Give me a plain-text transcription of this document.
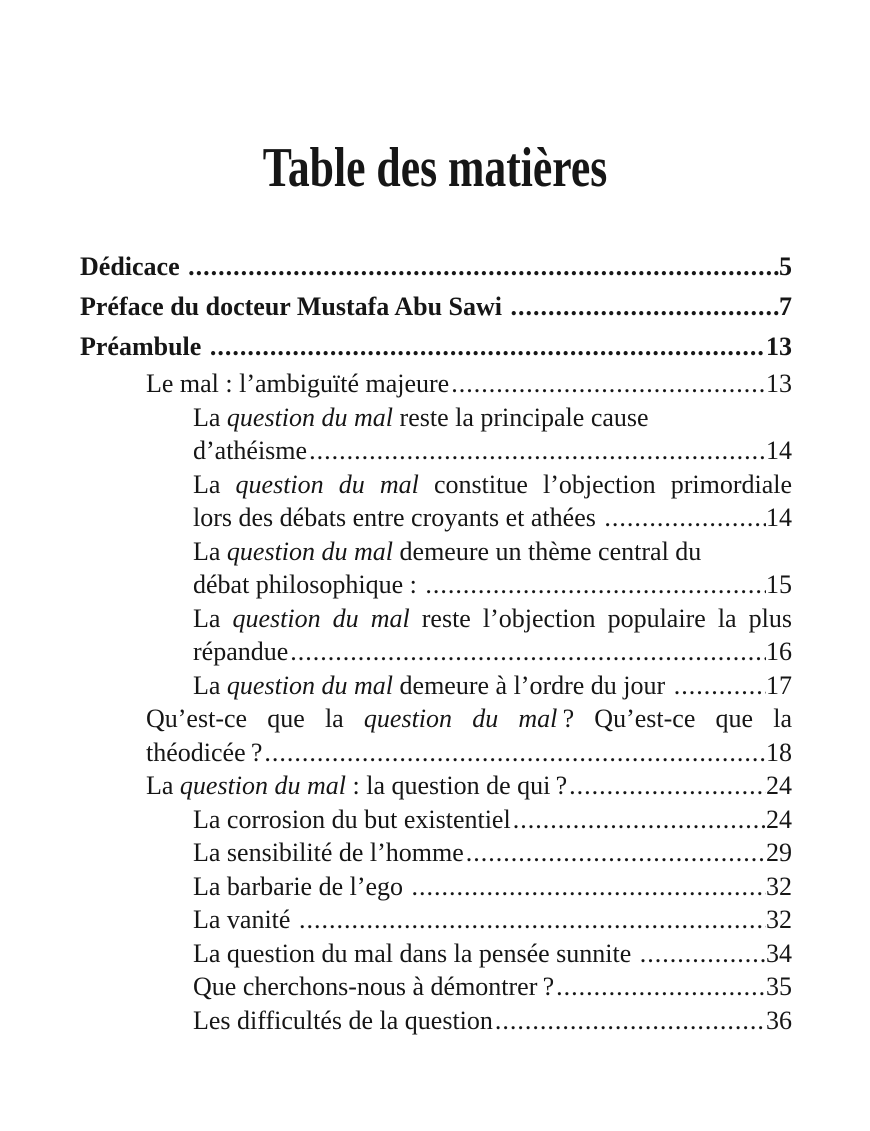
Table des matières
Dédicace .....	5
Préface du docteur Mustafa Abu Sawi .....	7
Préambule .....	13
Le mal : l’ambiguïté majeure .....	13
La question du mal reste la principale cause
d’athéisme .....	14
La question du mal constitue l’objection primordiale
lors des débats entre croyants et athées .....	14
La question du mal demeure un thème central du
débat philosophique : .....	15
La question du mal reste l’objection populaire la plus
répandue .....	16
La question du mal demeure à l’ordre du jour .....	17
Qu’est-ce que la question du mal ? Qu’est-ce que la
théodicée ? .....	18
La question du mal : la question de qui ? .....	24
La corrosion du but existentiel .....	24
La sensibilité de l’homme .....	29
La barbarie de l’ego .....	32
La vanité .....	32
La question du mal dans la pensée sunnite .....	34
Que cherchons-nous à démontrer ? .....	35
Les difficultés de la question .....	36
